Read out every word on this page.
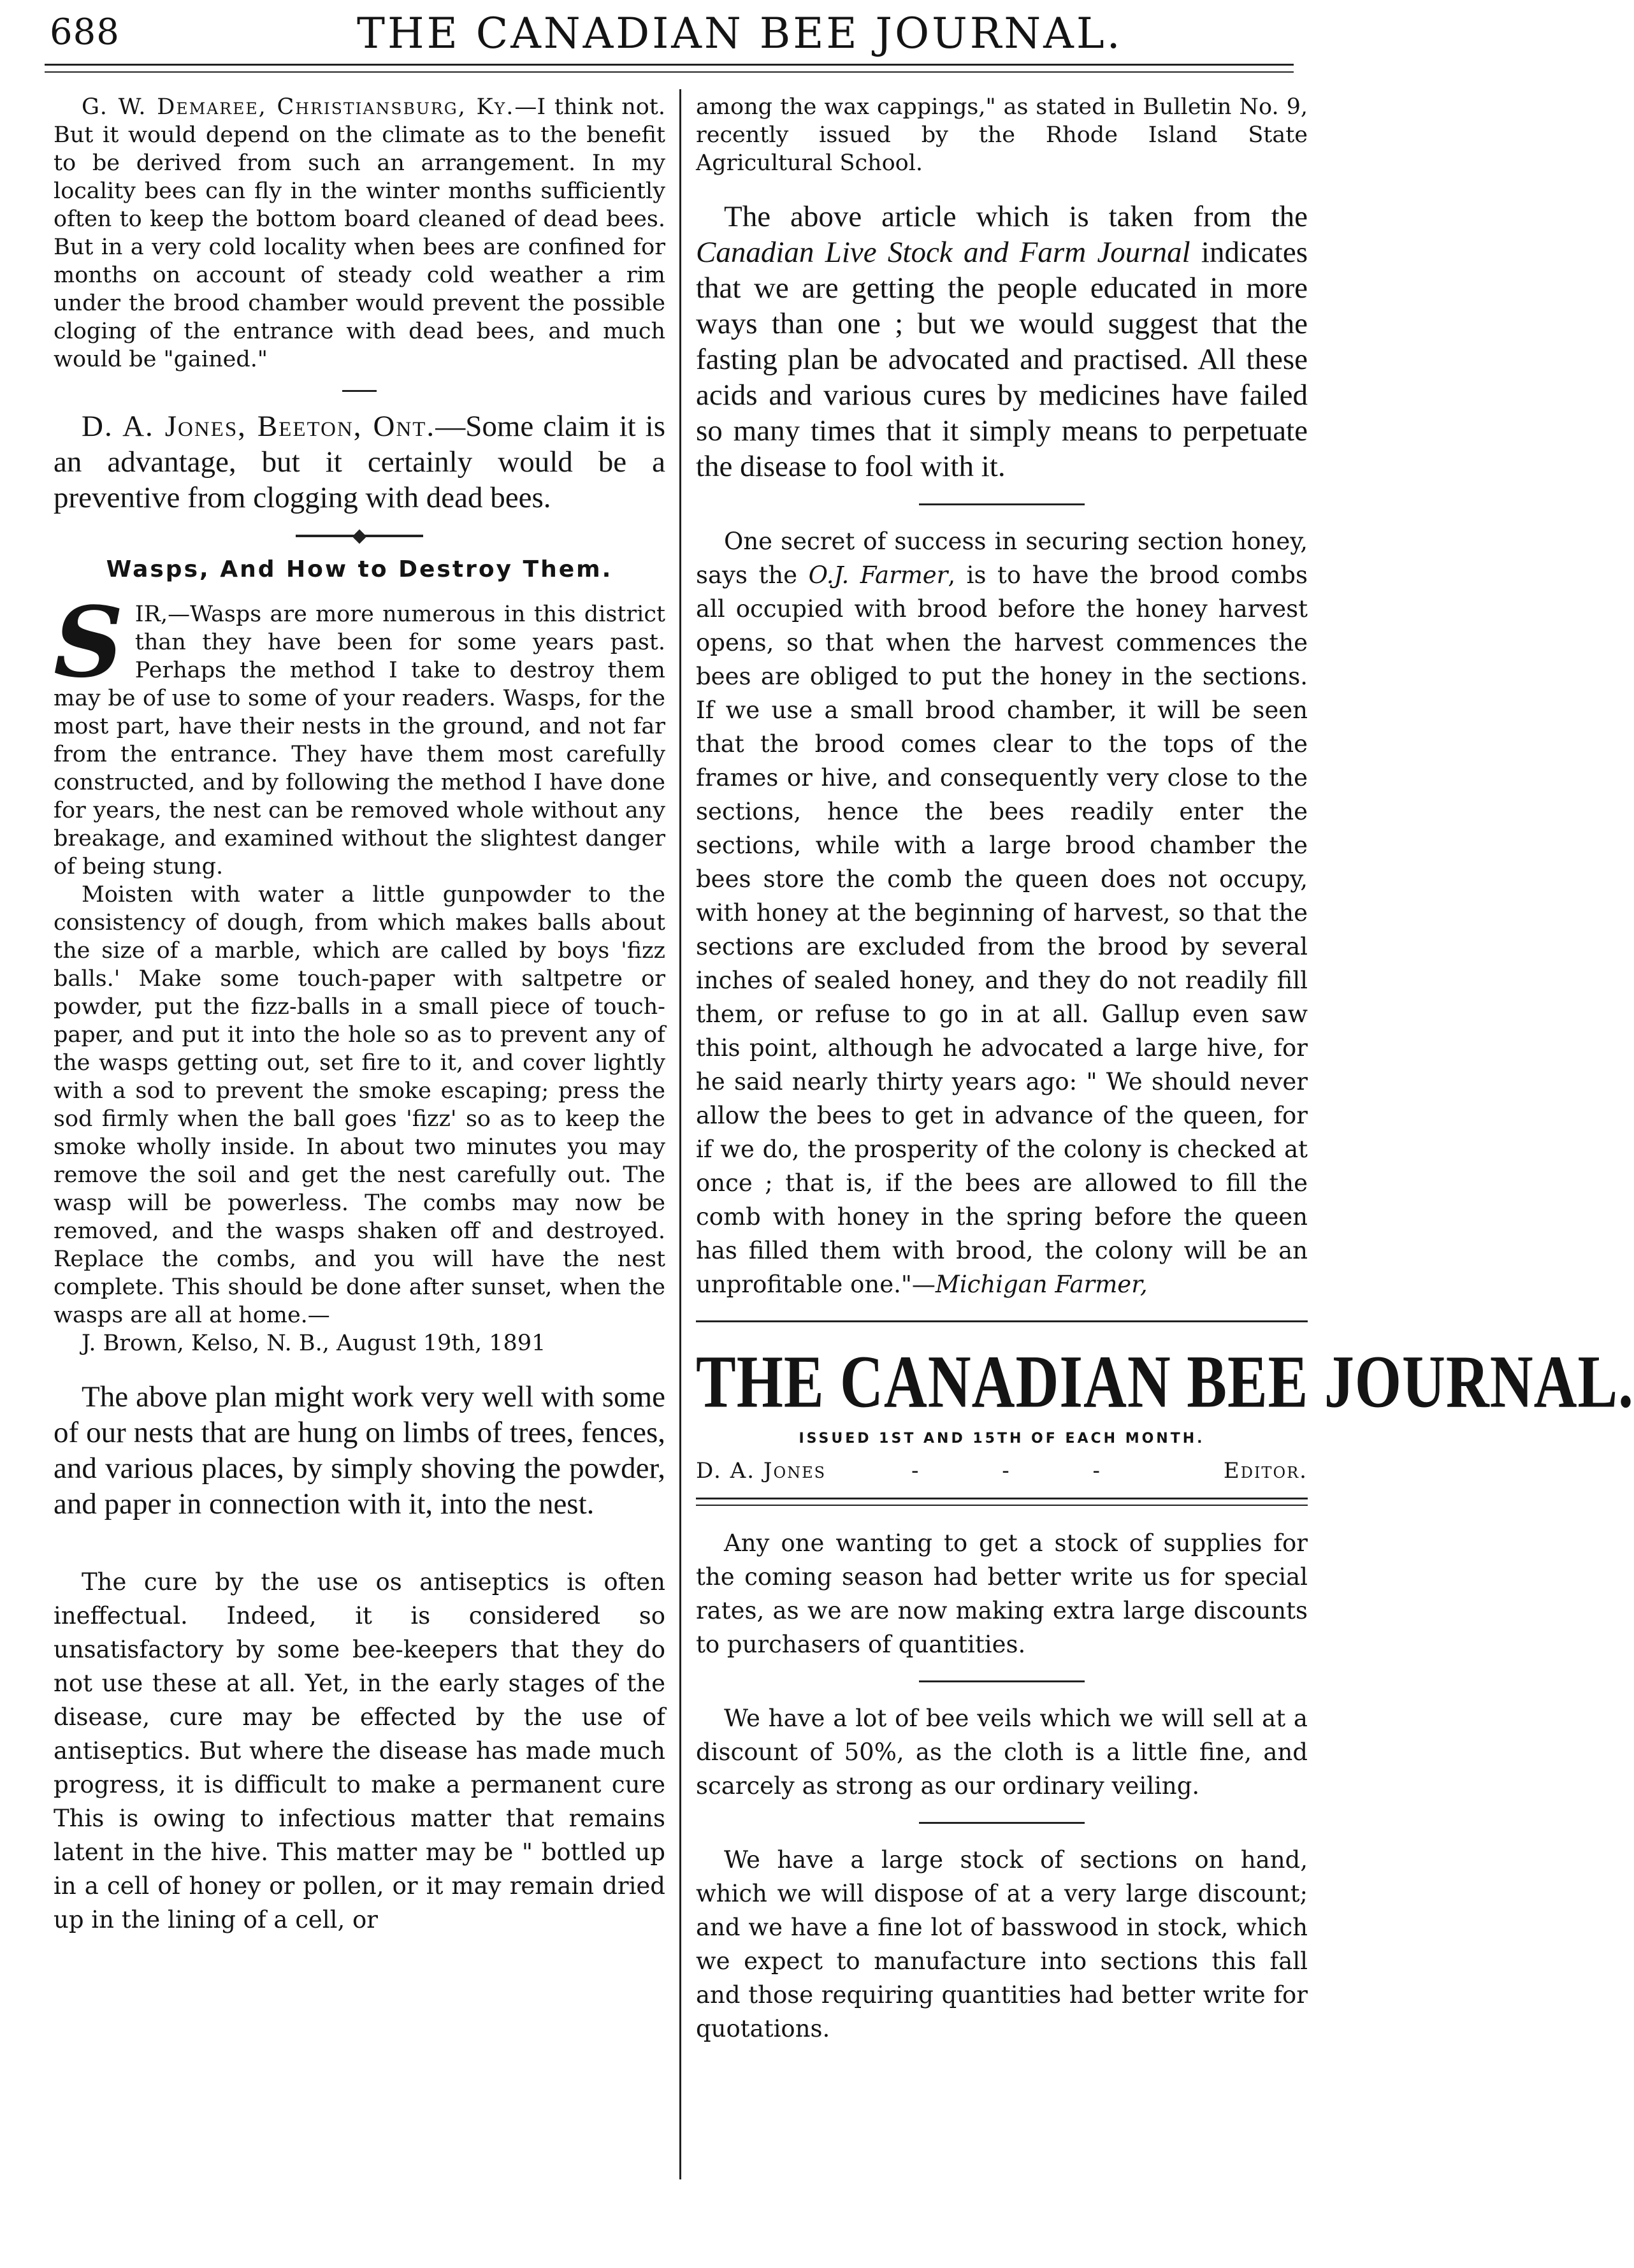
688	THE CANADIAN BEE JOURNAL.

G. W. Demaree, Christiansburg, Ky.—I think not. But it would depend on the climate as to the benefit to be derived from such an arrangement. In my locality bees can fly in the winter months sufficiently often to keep the bottom board cleaned of dead bees. But in a very cold locality when bees are confined for months on account of steady cold weather a rim under the brood chamber would prevent the possible cloging of the entrance with dead bees, and much would be "gained."

D. A. Jones, Beeton, Ont.—Some claim it is an advantage, but it certainly would be a preventive from clogging with dead bees.

Wasps, And How to Destroy Them.

SIR,—Wasps are more numerous in this district than they have been for some years past. Perhaps the method I take to destroy them may be of use to some of your readers. Wasps, for the most part, have their nests in the ground, and not far from the entrance. They have them most carefully constructed, and by following the method I have done for years, the nest can be removed whole without any breakage, and examined without the slightest danger of being stung.

Moisten with water a little gunpowder to the consistency of dough, from which makes balls about the size of a marble, which are called by boys 'fizz balls.' Make some touch-paper with saltpetre or powder, put the fizz-balls in a small piece of touch-paper, and put it into the hole so as to prevent any of the wasps getting out, set fire to it, and cover lightly with a sod to prevent the smoke escaping; press the sod firmly when the ball goes 'fizz' so as to keep the smoke wholly inside. In about two minutes you may remove the soil and get the nest carefully out. The wasp will be powerless. The combs may now be removed, and the wasps shaken off and destroyed. Replace the combs, and you will have the nest complete. This should be done after sunset, when the wasps are all at home.—

J. Brown, Kelso, N. B., August 19th, 1891

The above plan might work very well with some of our nests that are hung on limbs of trees, fences, and various places, by simply shoving the powder, and paper in connection with it, into the nest.

The cure by the use os antiseptics is often ineffectual. Indeed, it is considered so unsatisfactory by some bee-keepers that they do not use these at all. Yet, in the early stages of the disease, cure may be effected by the use of antiseptics. But where the disease has made much progress, it is difficult to make a permanent cure This is owing to infectious matter that remains latent in the hive. This matter may be " bottled up in a cell of honey or pollen, or it may remain dried up in the lining of a cell, or

among the wax cappings," as stated in Bulletin No. 9, recently issued by the Rhode Island State Agricultural School.

The above article which is taken from the Canadian Live Stock and Farm Journal indicates that we are getting the people educated in more ways than one ; but we would suggest that the fasting plan be advocated and practised. All these acids and various cures by medicines have failed so many times that it simply means to perpetuate the disease to fool with it.

One secret of success in securing section honey, says the O.J. Farmer, is to have the brood combs all occupied with brood before the honey harvest opens, so that when the harvest commences the bees are obliged to put the honey in the sections. If we use a small brood chamber, it will be seen that the brood comes clear to the tops of the frames or hive, and consequently very close to the sections, hence the bees readily enter the sections, while with a large brood chamber the bees store the comb the queen does not occupy, with honey at the beginning of harvest, so that the sections are excluded from the brood by several inches of sealed honey, and they do not readily fill them, or refuse to go in at all. Gallup even saw this point, although he advocated a large hive, for he said nearly thirty years ago: " We should never allow the bees to get in advance of the queen, for if we do, the prosperity of the colony is checked at once ; that is, if the bees are allowed to fill the comb with honey in the spring before the queen has filled them with brood, the colony will be an unprofitable one."—Michigan Farmer,

THE CANADIAN BEE JOURNAL.
ISSUED 1ST AND 15TH OF EACH MONTH.
D. A. Jones	- - -	Editor.

Any one wanting to get a stock of supplies for the coming season had better write us for special rates, as we are now making extra large discounts to purchasers of quantities.

We have a lot of bee veils which we will sell at a discount of 50%, as the cloth is a little fine, and scarcely as strong as our ordinary veiling.

We have a large stock of sections on hand, which we will dispose of at a very large discount; and we have a fine lot of basswood in stock, which we expect to manufacture into sections this fall and those requiring quantities had better write for quotations.
